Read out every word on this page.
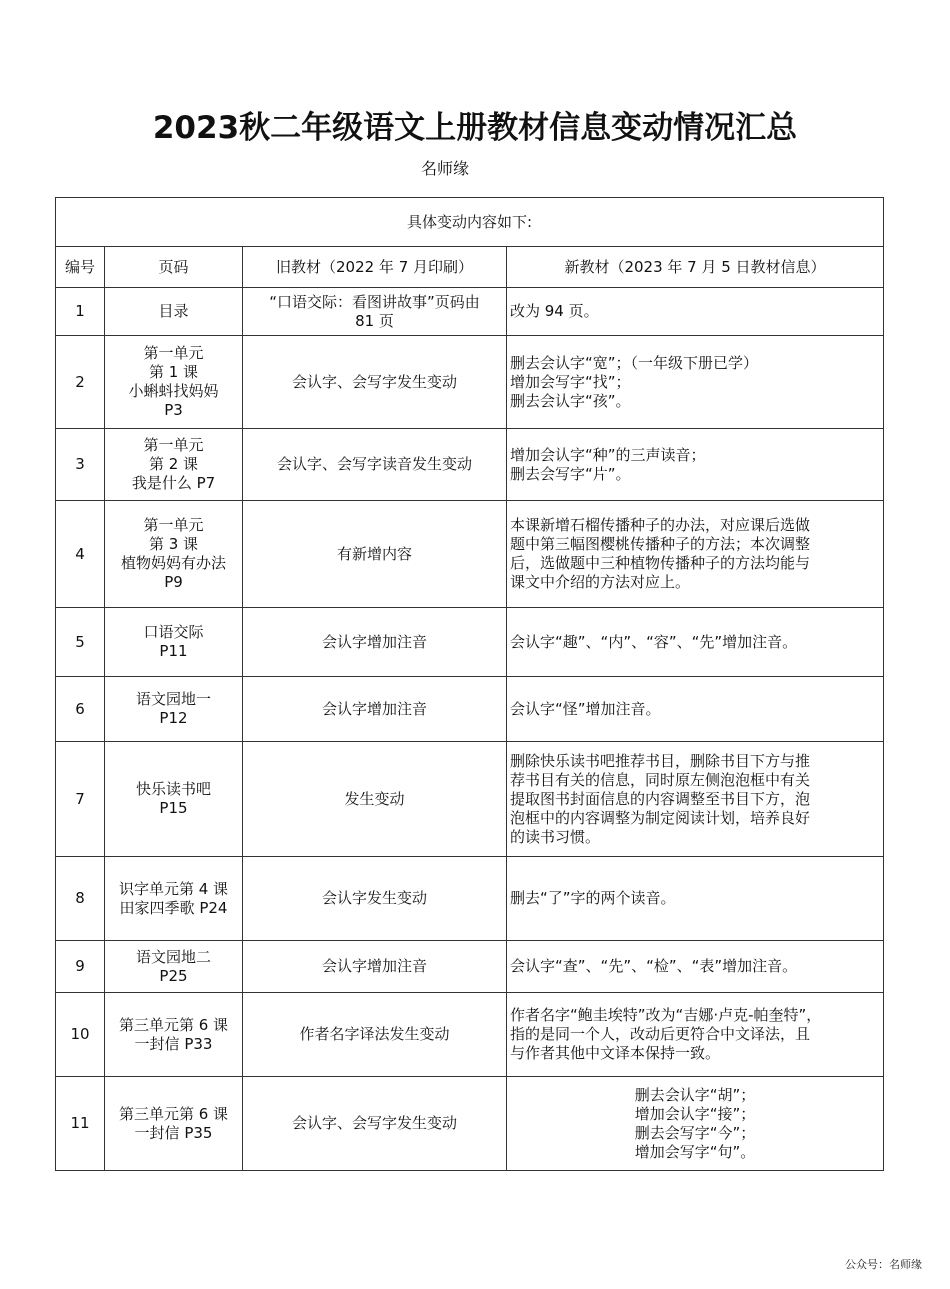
2023秋二年级语文上册教材信息变动情况汇总
名师缘
具体变动内容如下:			
编号	页码	旧教材（2022 年 7 月印刷）	新教材（2023 年 7 月 5 日教材信息）
1	目录	“口语交际：看图讲故事”页码由
81 页	改为 94 页。

2	第一单元
第 1 课
小蝌蚪找妈妈
P3	会认字、会写字发生变动	删去会认字“宽”；（一年级下册已学）
增加会写字“找”；
删去会认字“孩”。

3	第一单元
第 2 课
我是什么 P7	会认字、会写字读音发生变动	增加会认字“种”的三声读音；
删去会写字“片”。

4	第一单元
第 3 课
植物妈妈有办法
P9	有新增内容	本课新增石榴传播种子的办法，对应课后选做
题中第三幅图樱桃传播种子的方法；本次调整
后，选做题中三种植物传播种子的方法均能与
课文中介绍的方法对应上。

5	口语交际
P11	会认字增加注音	会认字“趣”、“内”、“容”、“先”增加注音。

6	语文园地一
P12	会认字增加注音	会认字“怪”增加注音。

7	快乐读书吧
P15	发生变动	删除快乐读书吧推荐书目，删除书目下方与推
荐书目有关的信息，同时原左侧泡泡框中有关
提取图书封面信息的内容调整至书目下方，泡
泡框中的内容调整为制定阅读计划，培养良好
的读书习惯。

8	识字单元第 4 课
田家四季歌 P24	会认字发生变动	删去“了”字的两个读音。

9	语文园地二
P25	会认字增加注音	会认字“查”、“先”、“检”、“表”增加注音。

10	第三单元第 6 课
一封信 P33	作者名字译法发生变动	作者名字“鲍圭埃特”改为“吉娜·卢克-帕奎特”，
指的是同一个人，改动后更符合中文译法，且
与作者其他中文译本保持一致。

11	第三单元第 6 课
一封信 P35	会认字、会写字发生变动	删去会认字“胡”；
增加会认字“接”；
删去会写字“今”；
增加会写字“句”。
公众号：名师缘
